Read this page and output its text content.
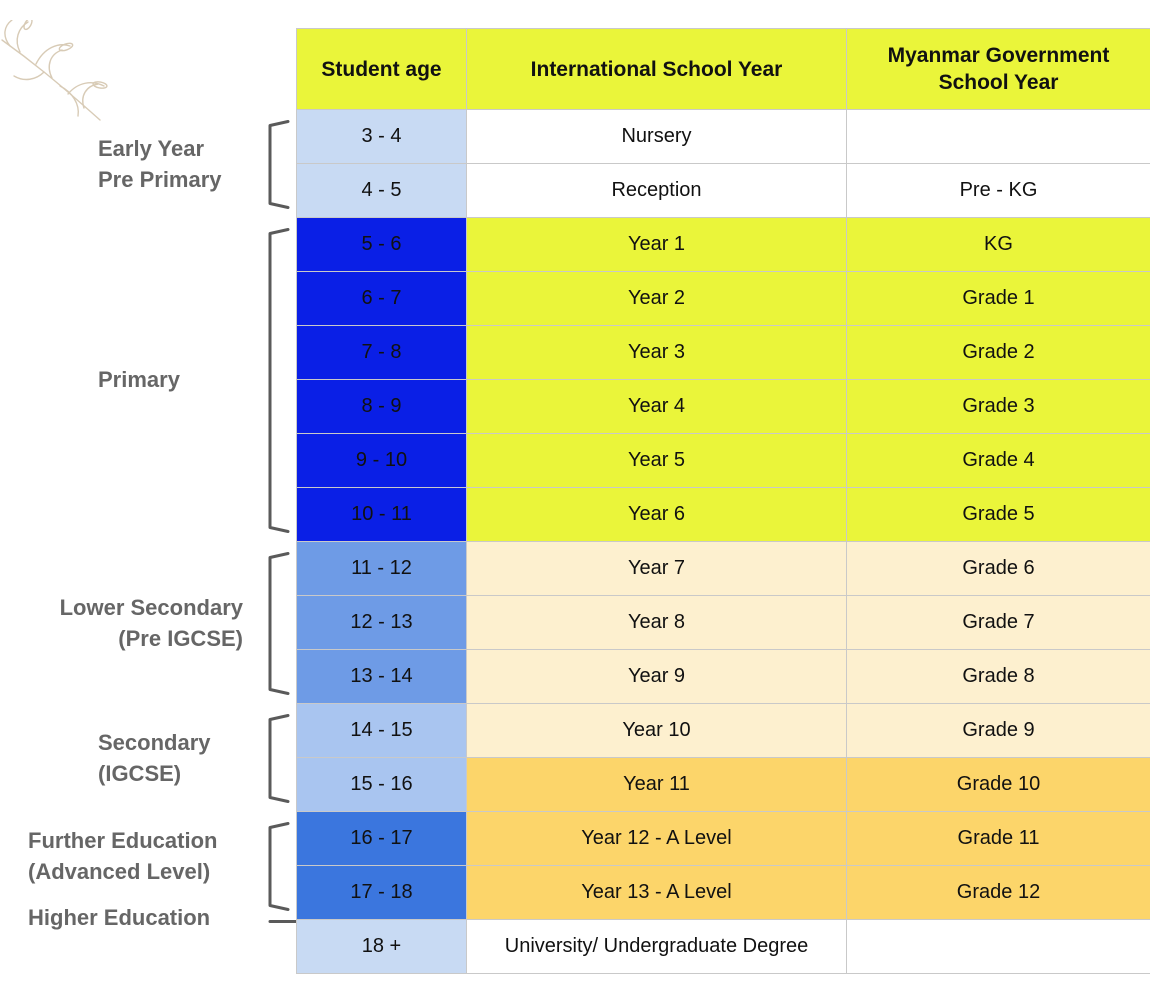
Early Year
Pre Primary

Primary

Lower Secondary
(Pre IGCSE)

Secondary
(IGCSE)

Further Education
(Advanced Level)

Higher Education

Student age	International School Year	Myanmar Government
School Year
3 - 4	Nursery	
4 - 5	Reception	Pre - KG
5 - 6	Year 1	KG
6 - 7	Year 2	Grade 1
7 - 8	Year 3	Grade 2
8 - 9	Year 4	Grade 3
9 - 10	Year 5	Grade 4
10 - 11	Year 6	Grade 5
11 - 12	Year 7	Grade 6
12 - 13	Year 8	Grade 7
13 - 14	Year 9	Grade 8
14 - 15	Year 10	Grade 9
15 - 16	Year 11	Grade 10
16 - 17	Year 12 - A Level	Grade 11
17 - 18	Year 13 - A Level	Grade 12
18 +	University/ Undergraduate Degree	
